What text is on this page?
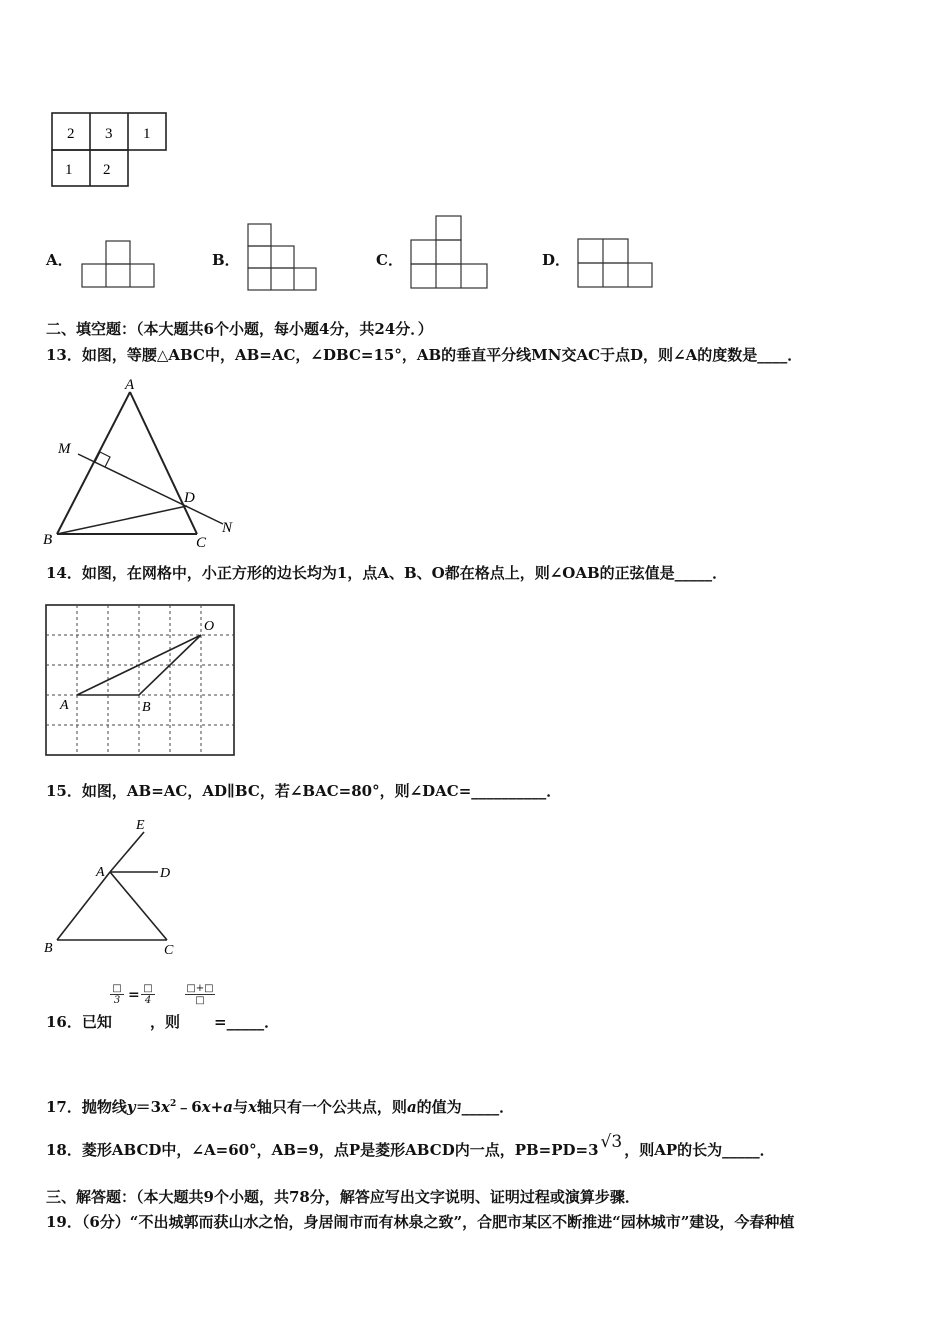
2 3 1
1 2
A．	B．	C．	D．
二、填空题：（本大题共6个小题，每小题4分，共24分．）
13．如图，等腰△ABC中，AB=AC，∠DBC=15°，AB的垂直平分线MN交AC于点D，则∠A的度数是____．
A
M
D
N
B	C
14．如图，在网格中，小正方形的边长均为1，点A、B、O都在格点上，则∠OAB的正弦值是_____．
O
A	B
15．如图，AB=AC，AD∥BC，若∠BAC=80°，则∠DAC=__________．
E
A	D
B	C
□
3 = □
4
□+□
□
16．已知	，则 =_____．
17．抛物线$y=3x^2﹣6x+a$与x轴只有一个公共点，则a的值为_____．
18．菱形ABCD中，∠A=60°，AB=9，点P是菱形ABCD内一点，PB=PD=3 √3 ，则AP的长为_____．
三、解答题：（本大题共9个小题，共78分，解答应写出文字说明、证明过程或演算步骤．
19．（6分）“不出城郭而获山水之怡，身居闹市而有林泉之致”，合肥市某区不断推进“园林城市”建设，今春种植
